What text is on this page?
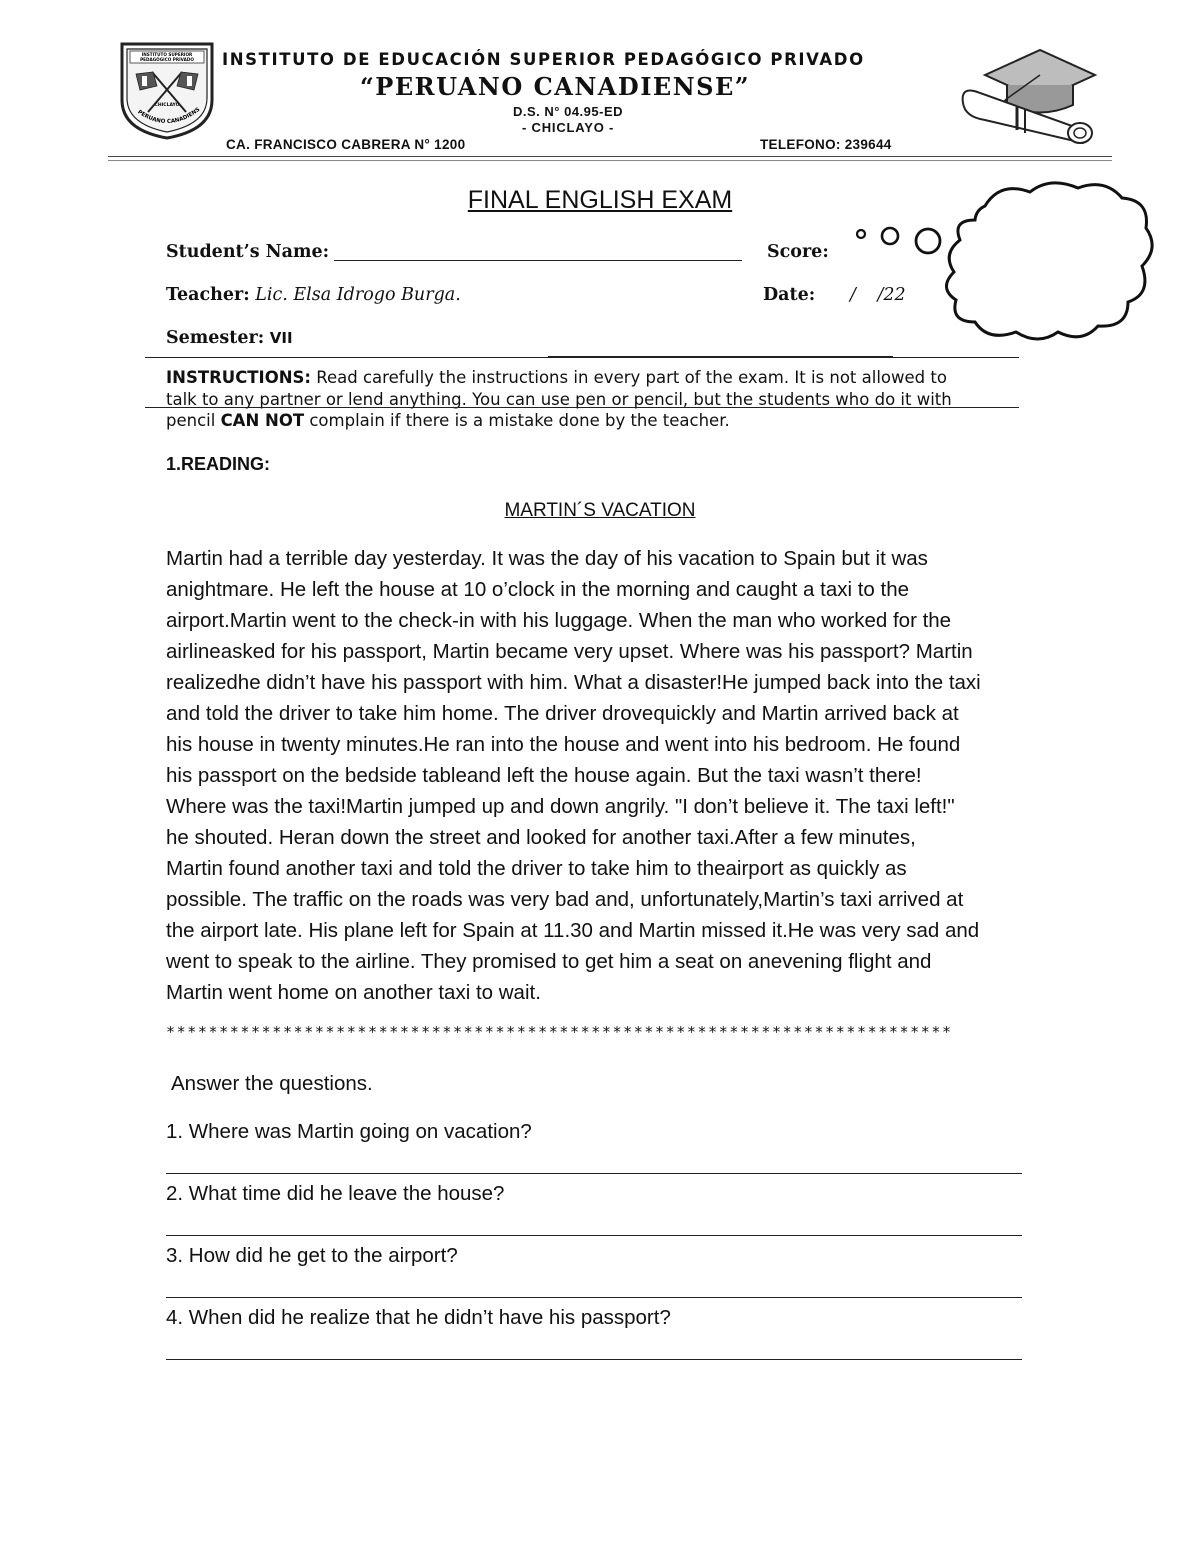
INSTITUTO SUPERIOR
PEDAGÓGICO PRIVADO
CHICLAYO
PERUANO CANADIENS
INSTITUTO DE EDUCACIÓN SUPERIOR PEDAGÓGICO PRIVADO
“PERUANO CANADIENSE”
D.S. N° 04.95-ED
- CHICLAYO -
CA. FRANCISCO CABRERA N° 1200	TELEFONO: 239644
FINAL ENGLISH EXAM
Student’s Name:	Score:
Teacher: Lic. Elsa Idrogo Burga.	Date: / /22
Semester: VII
INSTRUCTIONS: Read carefully the instructions in every part of the exam. It is not allowed to
talk to any partner or lend anything. You can use pen or pencil, but the students who do it with
pencil CAN NOT complain if there is a mistake done by the teacher.
1.READING:
MARTIN´S VACATION
Martin had a terrible day yesterday. It was the day of his vacation to Spain but it was
anightmare. He left the house at 10 o’clock in the morning and caught a taxi to the
airport.Martin went to the check-in with his luggage. When the man who worked for the
airlineasked for his passport, Martin became very upset. Where was his passport? Martin
realizedhe didn’t have his passport with him. What a disaster!He jumped back into the taxi
and told the driver to take him home. The driver drovequickly and Martin arrived back at
his house in twenty minutes.He ran into the house and went into his bedroom. He found
his passport on the bedside tableand left the house again. But the taxi wasn’t there!
Where was the taxi!Martin jumped up and down angrily. "I don’t believe it. The taxi left!"
he shouted. Heran down the street and looked for another taxi.After a few minutes,
Martin found another taxi and told the driver to take him to theairport as quickly as
possible. The traffic on the roads was very bad and, unfortunately,Martin’s taxi arrived at
the airport late. His plane left for Spain at 11.30 and Martin missed it.He was very sad and
went to speak to the airline. They promised to get him a seat on anevening flight and
Martin went home on another taxi to wait.
**************************************************************************
Answer the questions.
1. Where was Martin going on vacation?
2. What time did he leave the house?
3. How did he get to the airport?
4. When did he realize that he didn’t have his passport?
